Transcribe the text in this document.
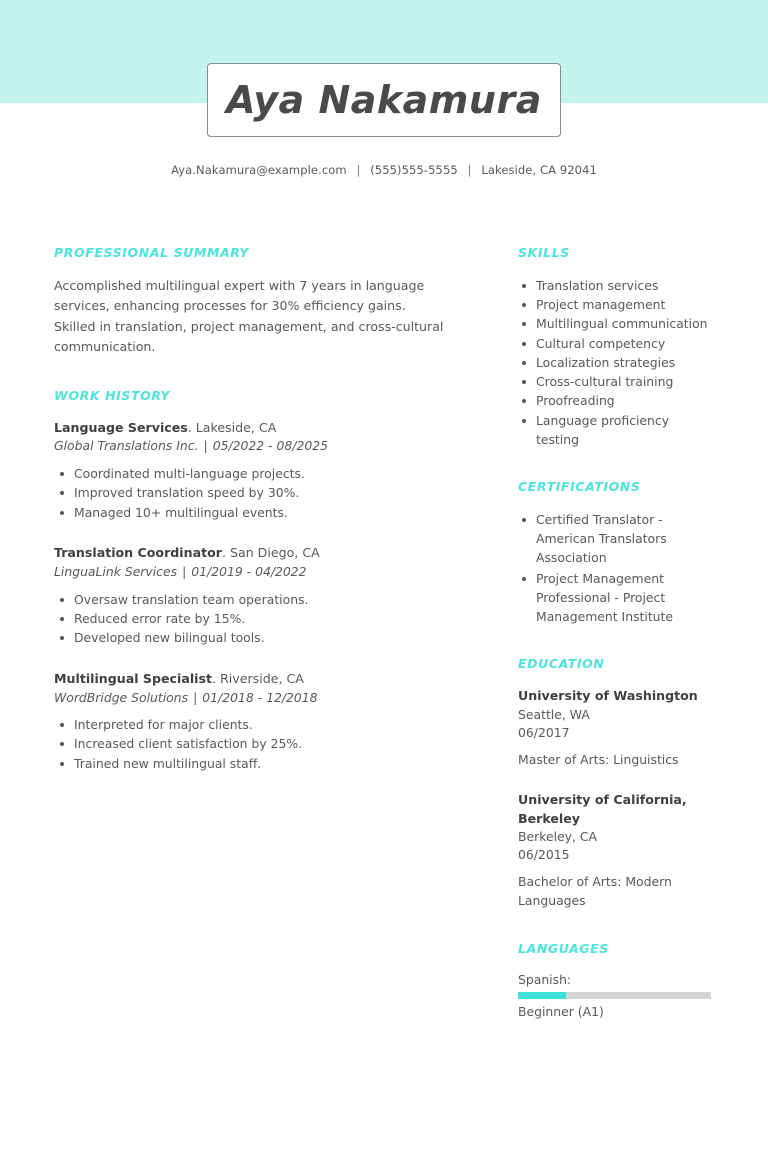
Aya Nakamura
Aya.Nakamura@example.com | (555)555-5555 | Lakeside, CA 92041
PROFESSIONAL SUMMARY

Accomplished multilingual expert with 7 years in language services, enhancing processes for 30% efficiency gains. Skilled in translation, project management, and cross-cultural communication.

WORK HISTORY
Language Services. Lakeside, CA
Global Translations Inc. | 05/2022 - 08/2025
Coordinated multi-language projects.
Improved translation speed by 30%.
Managed 10+ multilingual events.
Translation Coordinator. San Diego, CA
LinguaLink Services | 01/2019 - 04/2022
Oversaw translation team operations.
Reduced error rate by 15%.
Developed new bilingual tools.
Multilingual Specialist. Riverside, CA
WordBridge Solutions | 01/2018 - 12/2018
Interpreted for major clients.
Increased client satisfaction by 25%.
Trained new multilingual staff.
SKILLS
Translation services
Project management
Multilingual communication
Cultural competency
Localization strategies
Cross-cultural training
Proofreading
Language proficiency testing
CERTIFICATIONS
Certified Translator - American Translators Association
Project Management Professional - Project Management Institute
EDUCATION
University of Washington
Seattle, WA
06/2017
Master of Arts: Linguistics
University of California, Berkeley
Berkeley, CA
06/2015
Bachelor of Arts: Modern Languages
LANGUAGES
Spanish:
Beginner (A1)
